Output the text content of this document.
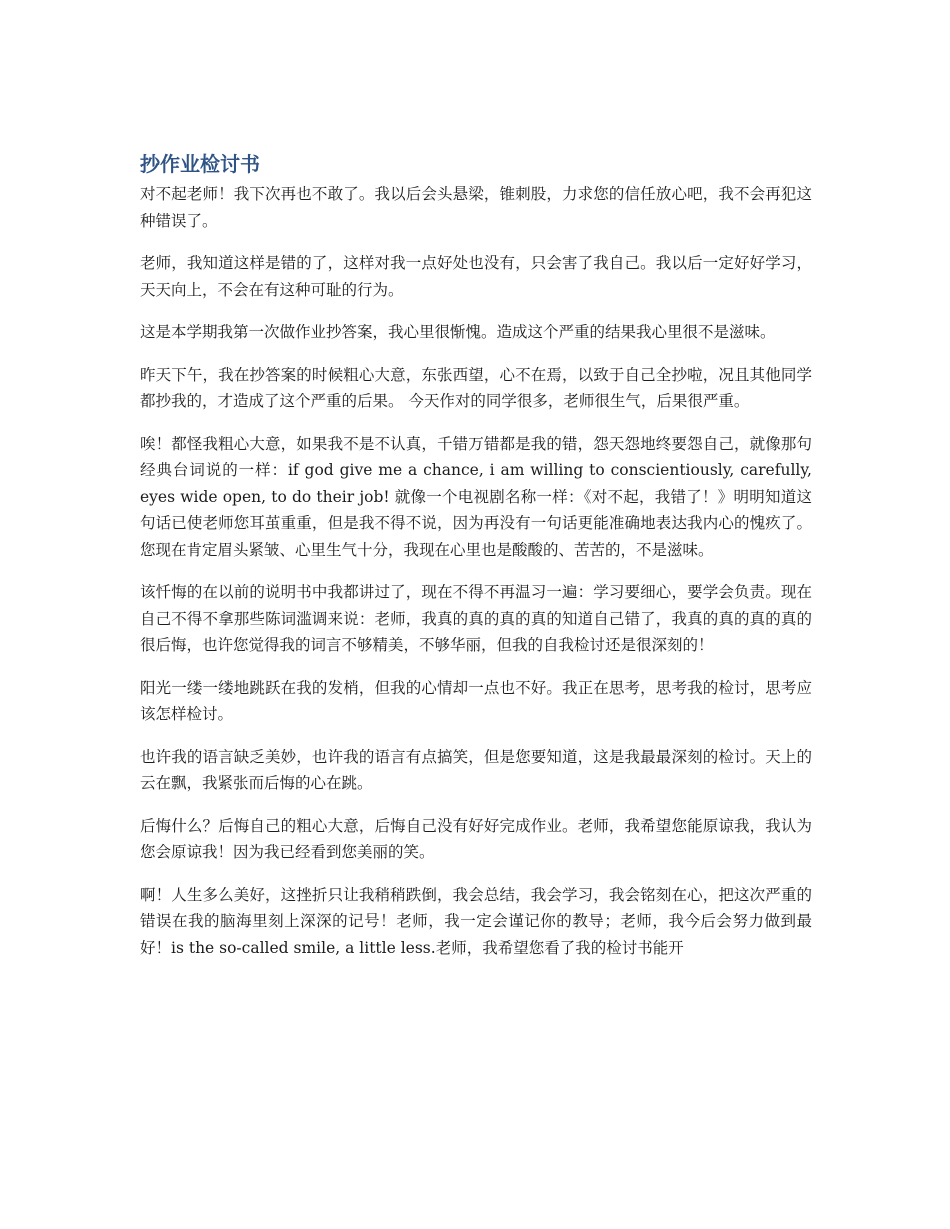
抄作业检讨书

对不起老师！我下次再也不敢了。我以后会头悬梁，锥刺股，力求您的信任放心吧，我不会再犯这种错误了。

老师，我知道这样是错的了，这样对我一点好处也没有，只会害了我自己。我以后一定好好学习，天天向上，不会在有这种可耻的行为。

这是本学期我第一次做作业抄答案，我心里很惭愧。造成这个严重的结果我心里很不是滋味。

昨天下午，我在抄答案的时候粗心大意，东张西望，心不在焉，以致于自己全抄啦，况且其他同学都抄我的，才造成了这个严重的后果。 今天作对的同学很多，老师很生气，后果很严重。

唉！都怪我粗心大意，如果我不是不认真，千错万错都是我的错，怨天怨地终要怨自己，就像那句经典台词说的一样：if god give me a chance, i am willing to conscientiously, carefully, eyes wide open, to do their job! 就像一个电视剧名称一样：《对不起，我错了！》明明知道这句话已使老师您耳茧重重，但是我不得不说，因为再没有一句话更能准确地表达我内心的愧疚了。您现在肯定眉头紧皱、心里生气十分，我现在心里也是酸酸的、苦苦的，不是滋味。

该忏悔的在以前的说明书中我都讲过了，现在不得不再温习一遍：学习要细心，要学会负责。现在自己不得不拿那些陈词滥调来说：老师，我真的真的真的真的知道自己错了，我真的真的真的真的很后悔，也许您觉得我的词言不够精美，不够华丽，但我的自我检讨还是很深刻的！

阳光一缕一缕地跳跃在我的发梢，但我的心情却一点也不好。我正在思考，思考我的检讨，思考应该怎样检讨。

也许我的语言缺乏美妙，也许我的语言有点搞笑，但是您要知道，这是我最最深刻的检讨。天上的云在飘，我紧张而后悔的心在跳。

后悔什么？后悔自己的粗心大意，后悔自己没有好好完成作业。老师，我希望您能原谅我，我认为您会原谅我！因为我已经看到您美丽的笑。

啊！人生多么美好，这挫折只让我稍稍跌倒，我会总结，我会学习，我会铭刻在心，把这次严重的错误在我的脑海里刻上深深的记号！老师，我一定会谨记你的教导；老师，我今后会努力做到最好！is the so-called smile, a little less.老师，我希望您看了我的检讨书能开
